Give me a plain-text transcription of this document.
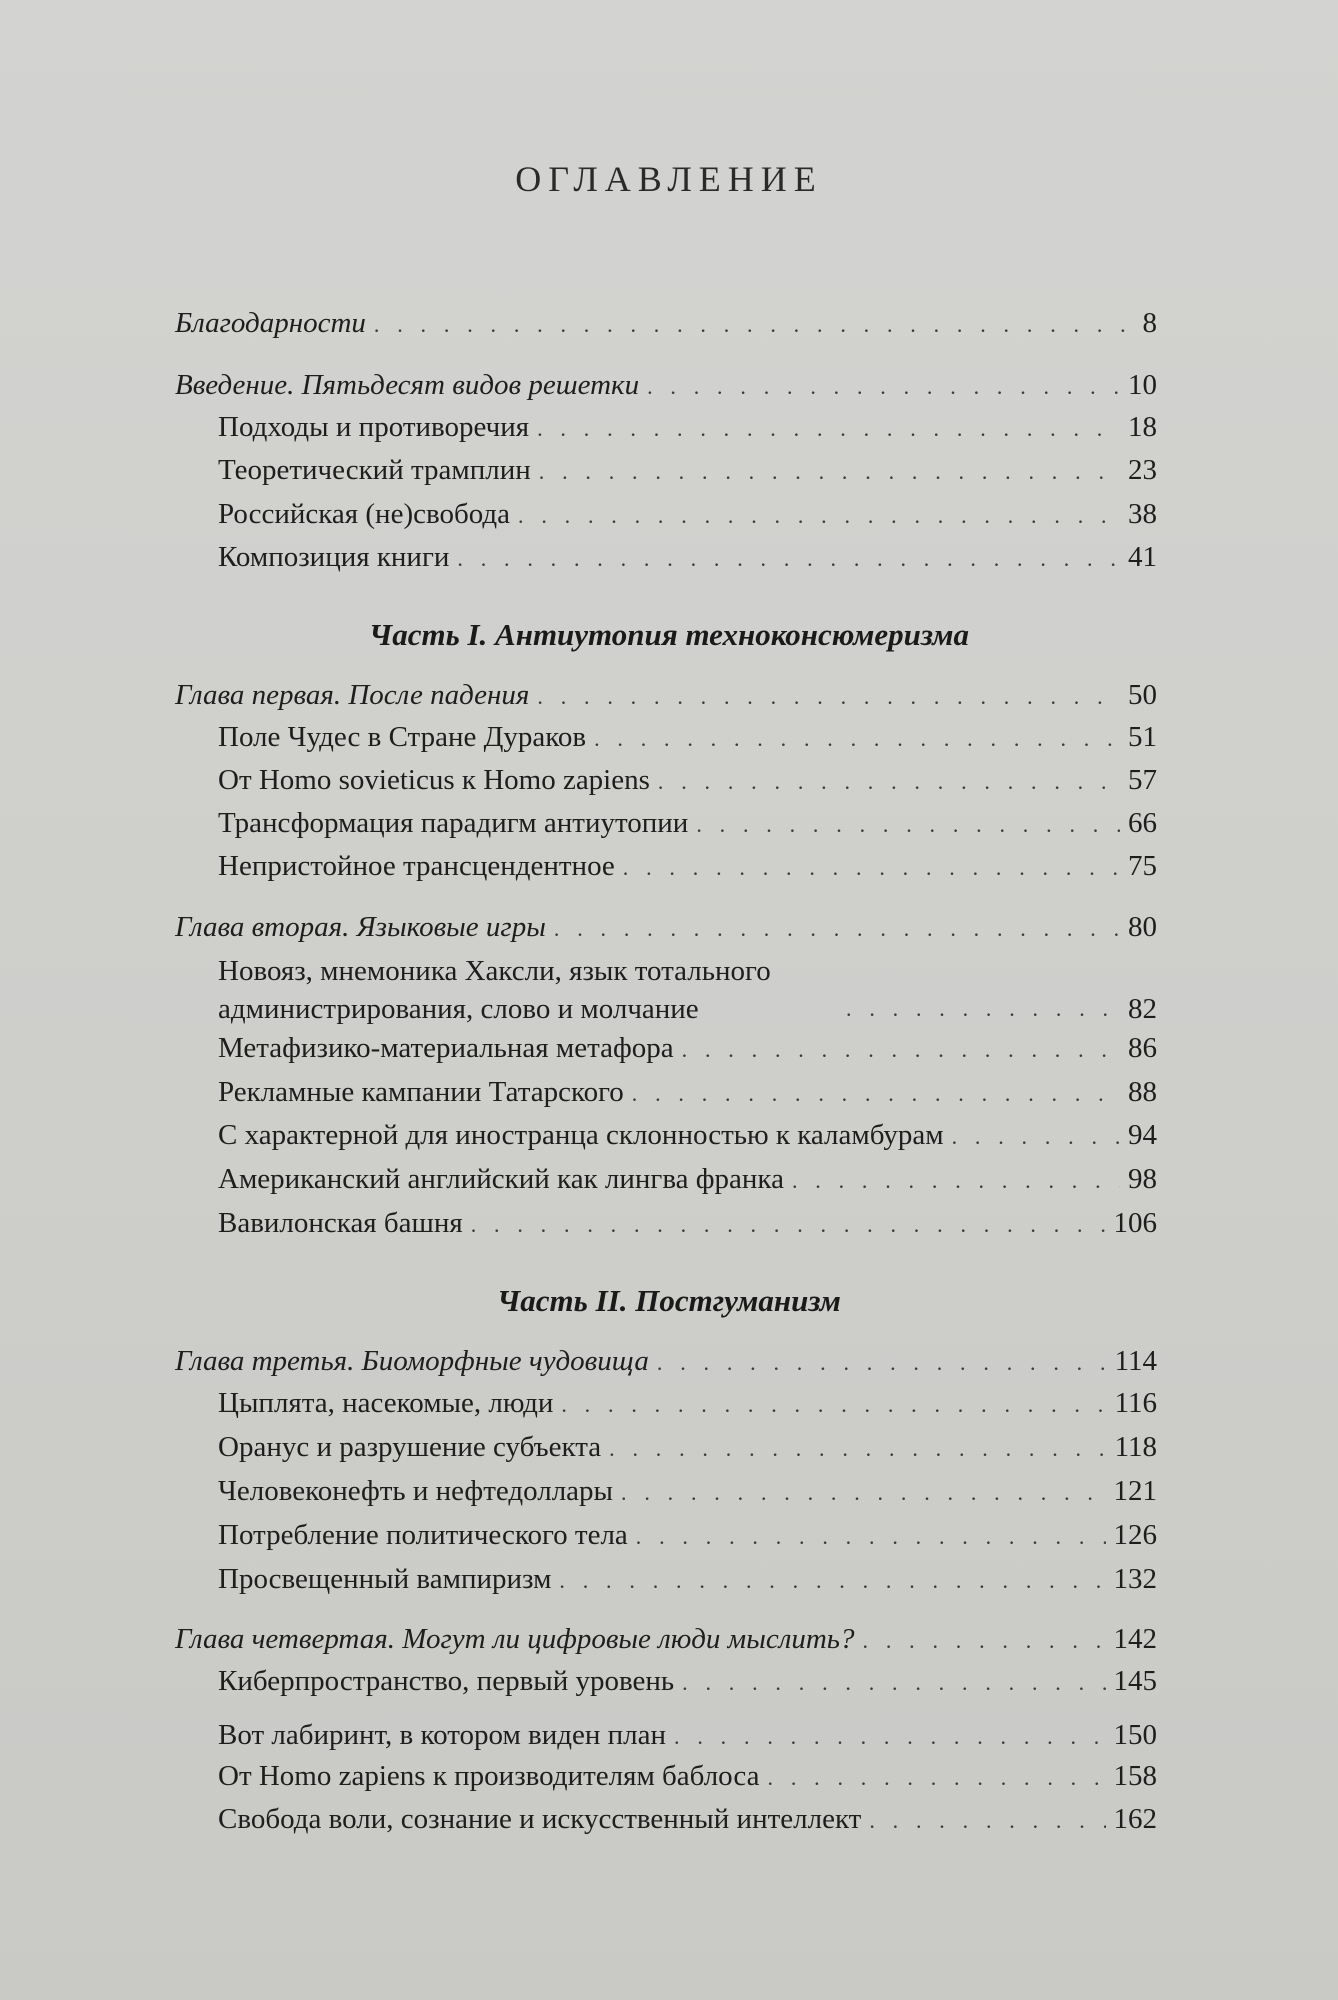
ОГЛАВЛЕНИЕ
Благодарности . . .	8
Введение. Пятьдесят видов решетки . . .	10
Подходы и противоречия . . .	18
Теоретический трамплин . . .	23
Российская (не)свобода . . .	38
Композиция книги . . .	41
Часть I. Антиутопия техноконсюмеризма
Глава первая. После падения . . .	50
Поле Чудес в Стране Дураков . . .	51
От Homo sovieticus к Homo zapiens . . .	57
Трансформация парадигм антиутопии . . .	66
Непристойное трансцендентное . . .	75
Глава вторая. Языковые игры . . .	80
Новояз, мнемоника Хаксли, язык тотального администрирования, слово и молчание . . .	82
Метафизико-материальная метафора . . .	86
Рекламные кампании Татарского . . .	88
С характерной для иностранца склонностью к каламбурам . . .	94
Американский английский как лингва франка . . .	98
Вавилонская башня . . .	106
Часть II. Постгуманизм
Глава третья. Биоморфные чудовища . . .	114
Цыплята, насекомые, люди . . .	116
Оранус и разрушение субъекта . . .	118
Человеконефть и нефтедоллары . . .	121
Потребление политического тела . . .	126
Просвещенный вампиризм . . .	132
Глава четвертая. Могут ли цифровые люди мыслить? . . .	142
Киберпространство, первый уровень . . .	145
Вот лабиринт, в котором виден план . . .	150
От Homo zapiens к производителям баблоса . . .	158
Свобода воли, сознание и искусственный интеллект . . .	162
